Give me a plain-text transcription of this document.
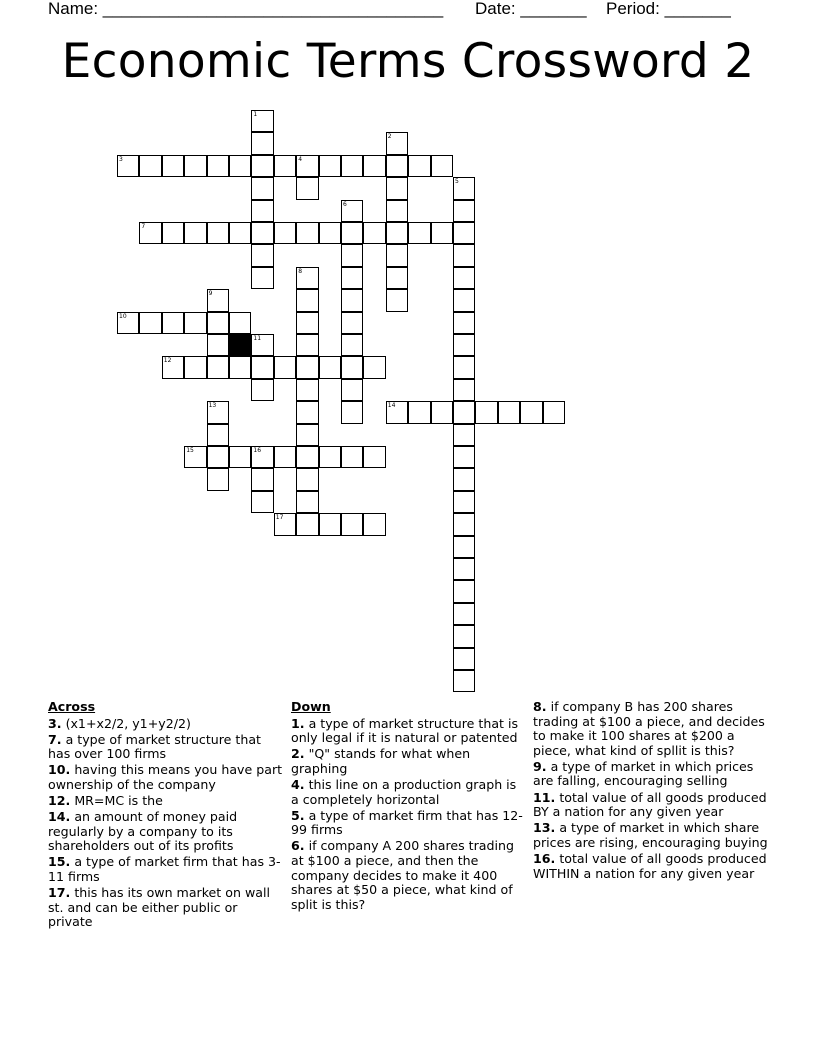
Name: ____________________________________ Date: _______ Period: _______
Economic Terms Crossword 2
3	4
7
10
12
14
15	16
17
1
2
5
6
8
9
11
13
Across
3. (x1+x2/2, y1+y2/2)
7. a type of market structure that has over 100 firms
10. having this means you have part ownership of the company
12. MR=MC is the
14. an amount of money paid regularly by a company to its shareholders out of its profits
15. a type of market firm that has 3-11 firms
17. this has its own market on wall st. and can be either public or private
Down
1. a type of market structure that is only legal if it is natural or patented
2. "Q" stands for what when graphing
4. this line on a production graph is a completely horizontal
5. a type of market firm that has 12-99 firms
6. if company A 200 shares trading at $100 a piece, and then the company decides to make it 400 shares at $50 a piece, what kind of split is this?
8. if company B has 200 shares trading at $100 a piece, and decides to make it 100 shares at $200 a piece, what kind of spllit is this?
9. a type of market in which prices are falling, encouraging selling
11. total value of all goods produced BY a nation for any given year
13. a type of market in which share prices are rising, encouraging buying
16. total value of all goods produced WITHIN a nation for any given year
